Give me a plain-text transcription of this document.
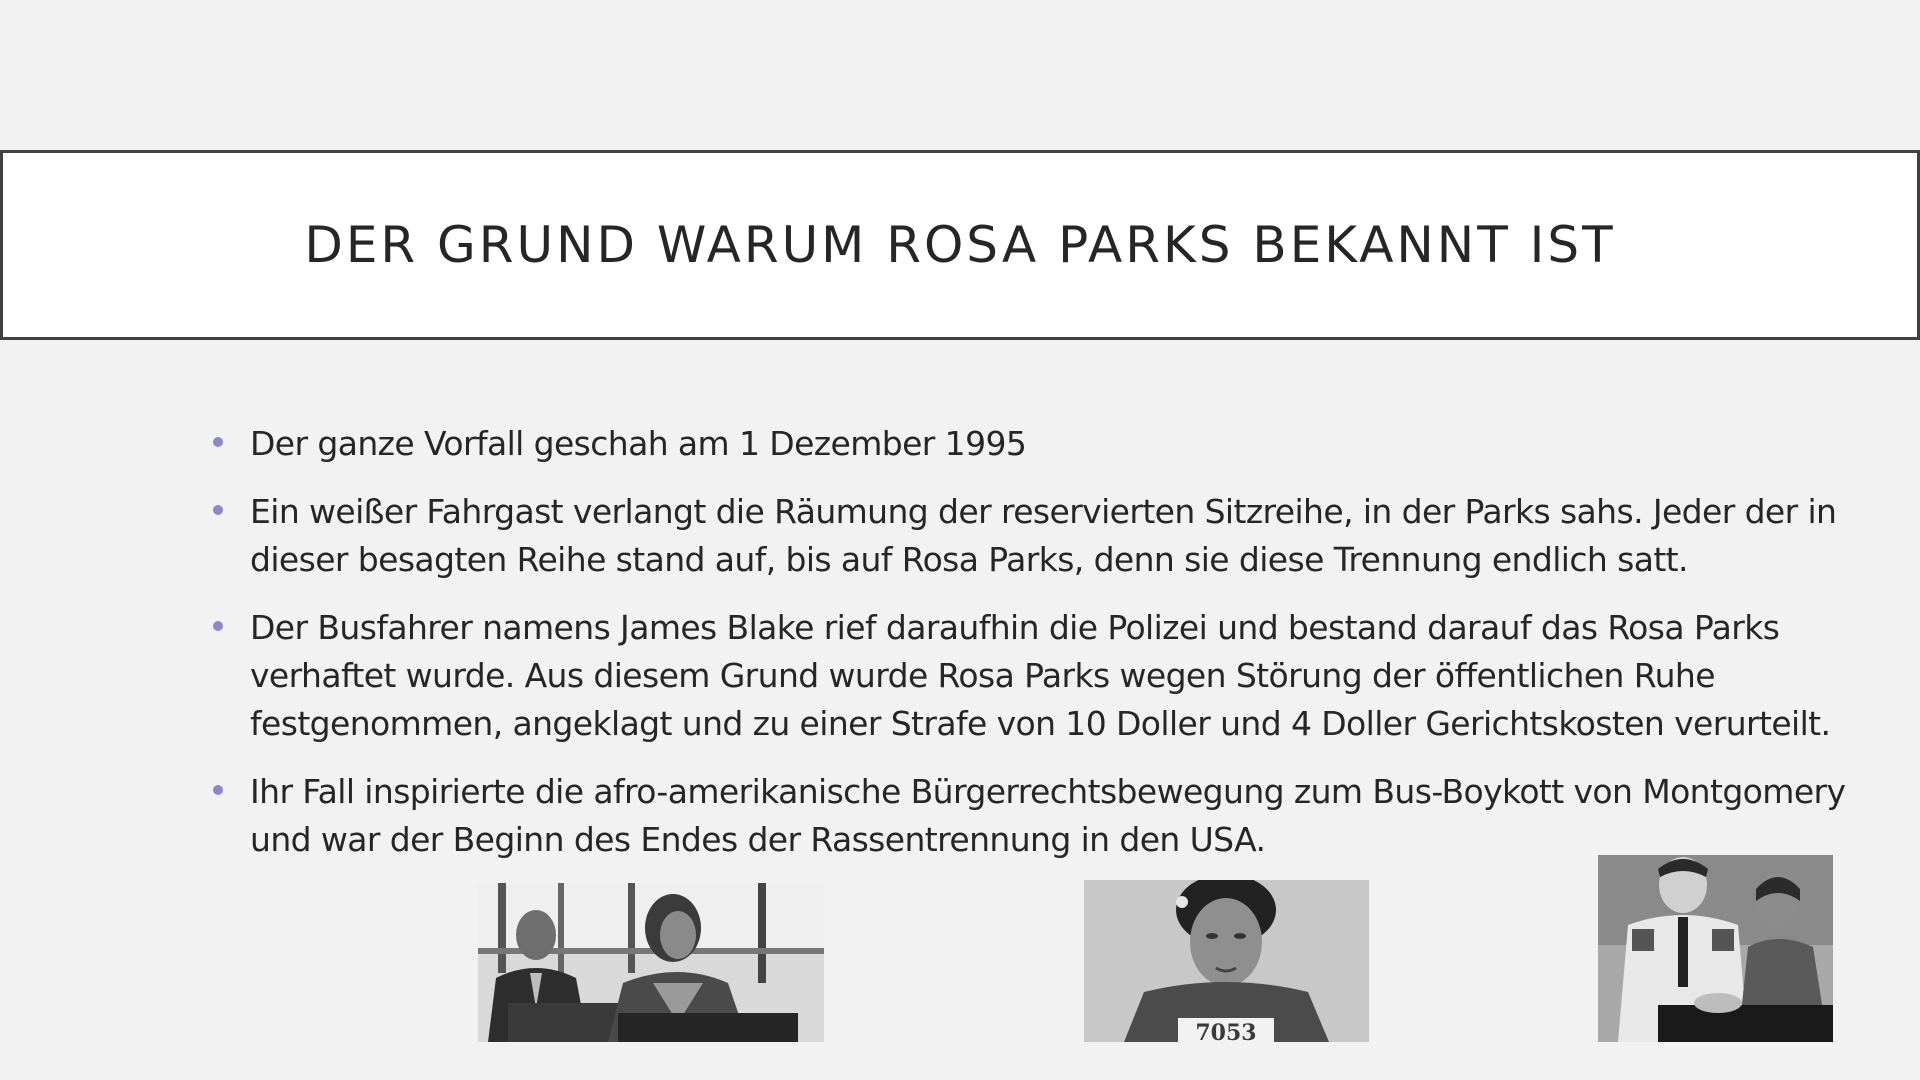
DER GRUND WARUM ROSA PARKS BEKANNT IST
Der ganze Vorfall geschah am 1 Dezember 1995
Ein weißer Fahrgast verlangt die Räumung der reservierten Sitzreihe, in der Parks sahs. Jeder der in dieser besagten Reihe stand auf, bis auf Rosa Parks, denn sie diese Trennung endlich satt.
Der Busfahrer namens James Blake rief daraufhin die Polizei und bestand darauf das Rosa Parks verhaftet wurde. Aus diesem Grund wurde Rosa Parks wegen Störung der öffentlichen Ruhe festgenommen, angeklagt und zu einer Strafe von 10 Doller und 4 Doller Gerichtskosten verurteilt.
Ihr Fall inspirierte die afro-amerikanische Bürgerrechtsbewegung zum Bus-Boykott von Montgomery und war der Beginn des Endes der Rassentrennung in den USA.
7053
